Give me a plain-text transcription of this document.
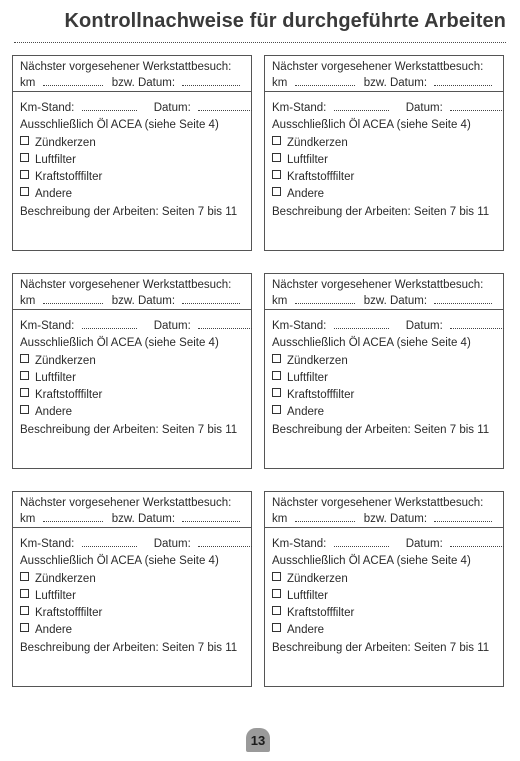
Kontrollnachweise für durchgeführte Arbeiten
Nächster vorgesehener Werkstattbesuch:
km	bzw. Datum:
Km-Stand:	Datum:
Ausschließlich Öl ACEA (siehe Seite 4)
Zündkerzen
Luftfilter
Kraftstofffilter
Andere
Beschreibung der Arbeiten: Seiten 7 bis 11
Nächster vorgesehener Werkstattbesuch:
km	bzw. Datum:
Km-Stand:	Datum:
Ausschließlich Öl ACEA (siehe Seite 4)
Zündkerzen
Luftfilter
Kraftstofffilter
Andere
Beschreibung der Arbeiten: Seiten 7 bis 11
Nächster vorgesehener Werkstattbesuch:
km	bzw. Datum:
Km-Stand:	Datum:
Ausschließlich Öl ACEA (siehe Seite 4)
Zündkerzen
Luftfilter
Kraftstofffilter
Andere
Beschreibung der Arbeiten: Seiten 7 bis 11
Nächster vorgesehener Werkstattbesuch:
km	bzw. Datum:
Km-Stand:	Datum:
Ausschließlich Öl ACEA (siehe Seite 4)
Zündkerzen
Luftfilter
Kraftstofffilter
Andere
Beschreibung der Arbeiten: Seiten 7 bis 11
Nächster vorgesehener Werkstattbesuch:
km	bzw. Datum:
Km-Stand:	Datum:
Ausschließlich Öl ACEA (siehe Seite 4)
Zündkerzen
Luftfilter
Kraftstofffilter
Andere
Beschreibung der Arbeiten: Seiten 7 bis 11
Nächster vorgesehener Werkstattbesuch:
km	bzw. Datum:
Km-Stand:	Datum:
Ausschließlich Öl ACEA (siehe Seite 4)
Zündkerzen
Luftfilter
Kraftstofffilter
Andere
Beschreibung der Arbeiten: Seiten 7 bis 11
13
